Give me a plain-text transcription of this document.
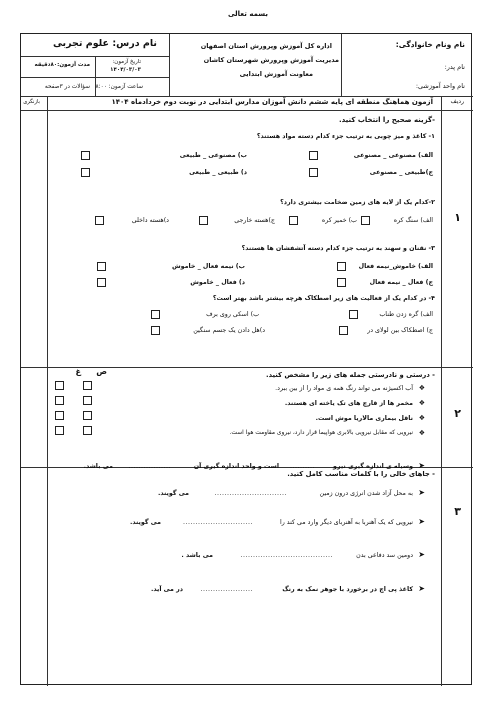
بسمه تعالی
نام ونام خانوادگی:
نام پدر:
نام واحد آموزشی:
اداره کل آموزش وپرورش استان اصفهان
مدیریت آموزش وپرورش شهرستان کاشان
معاونت آموزش ابتدایی
نام درس: علوم تجربی
تاریخ آزمون:
۱۴۰۴/۰۳/۰۳
مدت آزمون:۸۰دقیقه
ساعت آزمون: ۸:۰۰
سؤالات در ۳صفحه
ردیف
آزمون هماهنگ منطقه ای پایه ششم دانش آموزان مدارس ابتدایی در نوبت دوم خردادماه ۱۴۰۴
بازنگری
۱
-گزینه صحیح را انتخاب کنید.
۱- کاغذ و میز چوبی به ترتیب جزء کدام دسته مواد هستند؟
الف) مصنوعی _ مصنوعی
ب) مصنوعی _ طبیعی
ج)طبیعی _ مصنوعی
د) طبیعی _ طبیعی
۲-کدام یک از لایه های زمین ضخامت بیشتری دارد؟
الف) سنگ کره
ب) خمیر کره
ج)هسته خارجی
د)هسته داخلی
۳- نقنان و سهند به ترتیب جزء کدام دسته آتشفشان ها هستند؟
الف) خاموش_نیمه فعال
ب) نیمه فعال _ خاموش
ج) فعال _ نیمه فعال
د) فعال _ خاموش
۴- در کدام یک از فعالیت های زیر اصطکاک هرچه بیشتر باشد بهتر است؟
الف) گره زدن طناب
ب) اسکی روی برف
ج) اصطکاک بین لولای در
د)هل دادن یک جسم سنگین
۲
- درستی و نادرستی جمله های زیر را مشخص کنید.
ص
غ
❖
آب اکسیژنه می تواند رنگ همه ی مواد را از بین ببرد.
❖
مخمر ها از قارچ های تک یاخته ای هستند.
❖
ناقل بیماری مالاریا موش است.
❖
نیرویی که مقابل نیرویی بالابری هواپیما قرار دارد، نیروی مقاومت هوا است.
۳
- جاهای خالی را با کلمات مناسب کامل کنید.
➤
وسیله ی اندازه گیری نیرو
..........
است و واحد اندازه گیری آن
.................
می باشد.
➤
به محل آزاد شدن انرژی درون زمین
.............................
می گویند.
➤
نیرویی که یک آهنربا به آهنربای دیگر وارد می کند را
............................
می گویند.
➤
دومین سد دفاعی بدن
.....................................
می باشد .
➤
کاغذ پی اچ در برخورد با جوهر نمک به رنگ
.....................
در می آید.
